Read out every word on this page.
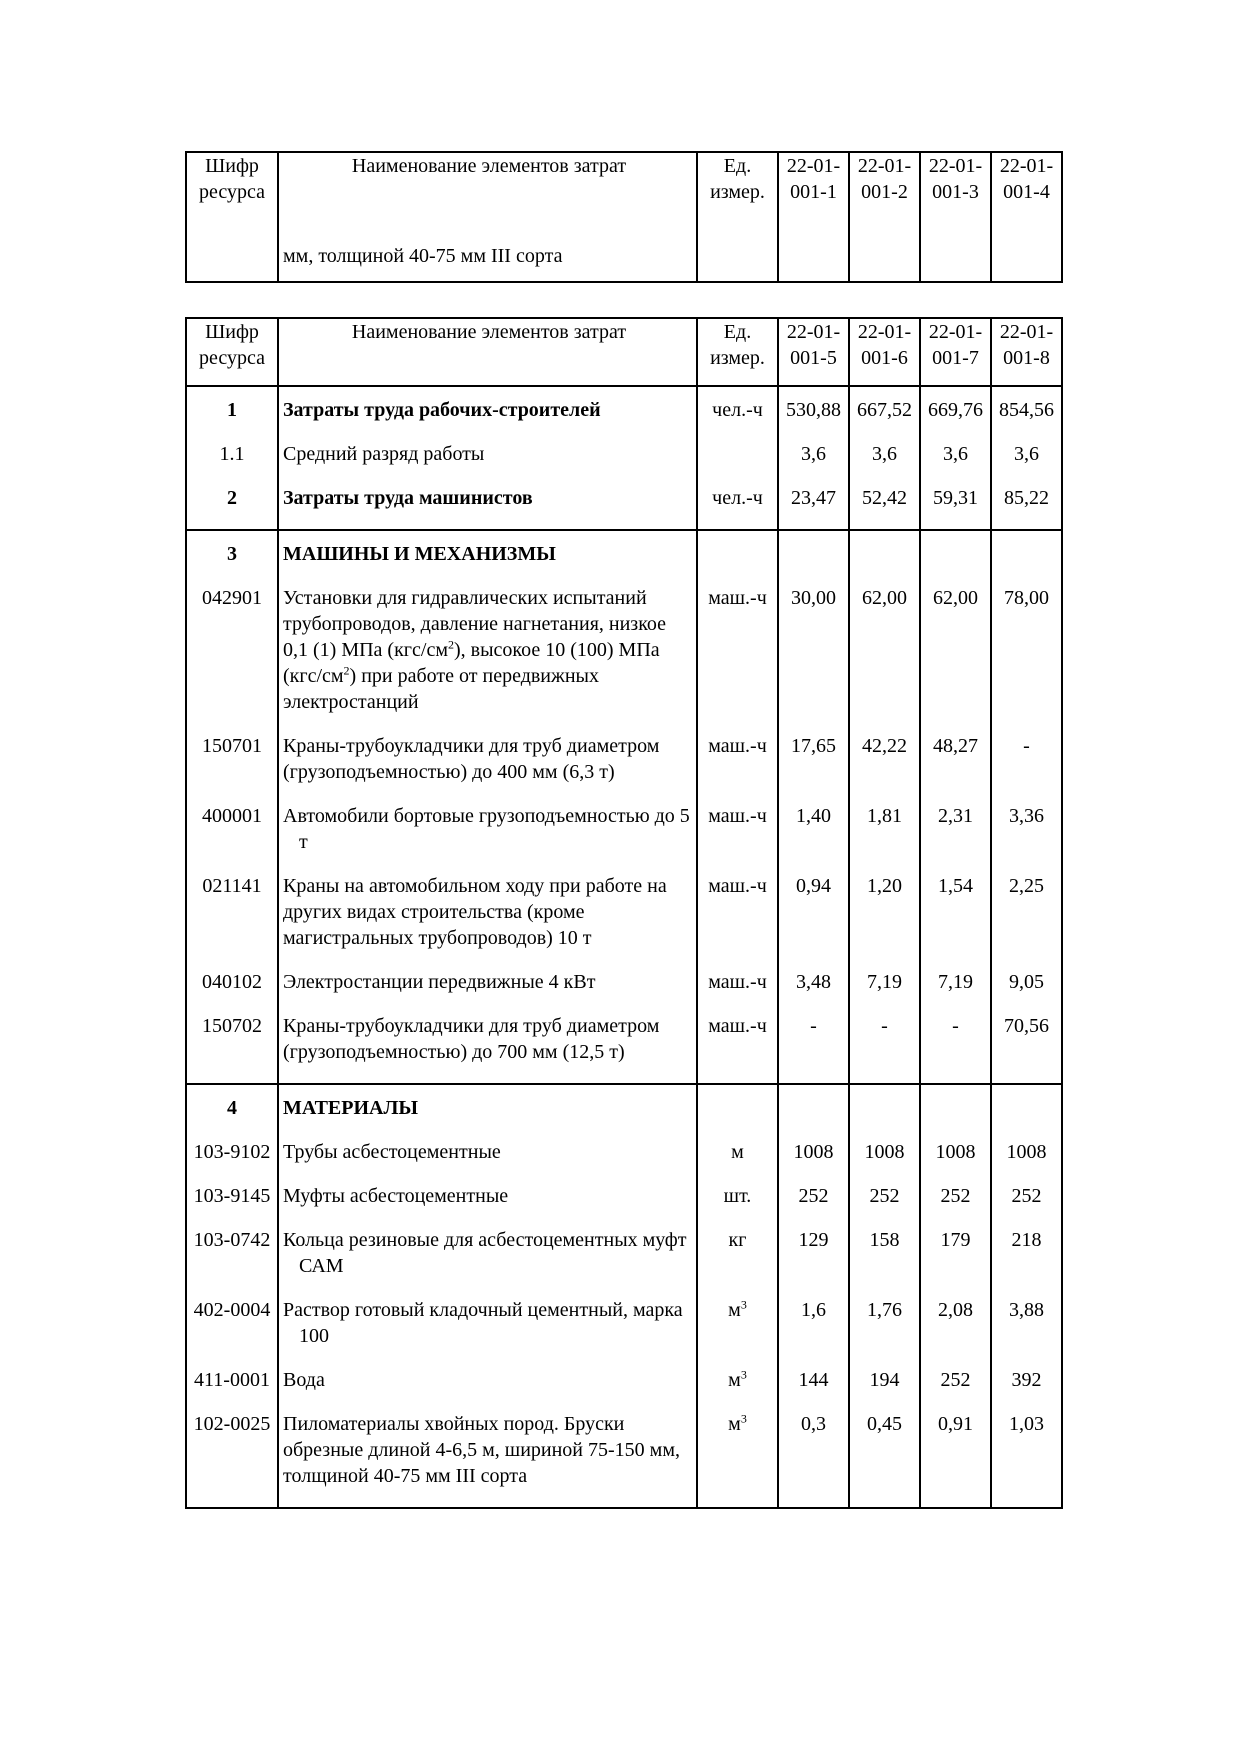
Шифр ресурса	Наименование элементов затрат	Ед. измер.	22-01-001-1	22-01-001-2	22-01-001-3	22-01-001-4
	мм, толщиной 40-75 мм III сорта					
Шифр ресурса	Наименование элементов затрат	Ед. измер.	22-01-001-5	22-01-001-6	22-01-001-7	22-01-001-8
1	Затраты труда рабочих-строителей	чел.-ч	530,88	667,52	669,76	854,56
1.1	Средний разряд работы		3,6	3,6	3,6	3,6
2	Затраты труда машинистов	чел.-ч	23,47	52,42	59,31	85,22
3	МАШИНЫ И МЕХАНИЗМЫ					
042901	Установки для гидравлических испытаний трубопроводов, давление нагнетания, низкое 0,1 (1) МПа $(кгс/см^2)$, высокое 10 (100) МПа $(кгс/см^2)$ при работе от передвижных электростанций	маш.-ч	30,00	62,00	62,00	78,00
150701	Краны-трубоукладчики для труб диаметром (грузоподъемностью) до 400 мм (6,3 т)	маш.-ч	17,65	42,22	48,27	-
400001	Автомобили бортовые грузоподъемностью до 5 т	маш.-ч	1,40	1,81	2,31	3,36
021141	Краны на автомобильном ходу при работе на других видах строительства (кроме магистральных трубопроводов) 10 т	маш.-ч	0,94	1,20	1,54	2,25
040102	Электростанции передвижные 4 кВт	маш.-ч	3,48	7,19	7,19	9,05
150702	Краны-трубоукладчики для труб диаметром (грузоподъемностью) до 700 мм (12,5 т)	маш.-ч	-	-	-	70,56
4	МАТЕРИАЛЫ					
103-9102	Трубы асбестоцементные	м	1008	1008	1008	1008
103-9145	Муфты асбестоцементные	шт.	252	252	252	252
103-0742	Кольца резиновые для асбестоцементных муфт САМ	кг	129	158	179	218
402-0004	Раствор готовый кладочный цементный, марка 100	$м^3$	1,6	1,76	2,08	3,88
411-0001	Вода	$м^3$	144	194	252	392
102-0025	Пиломатериалы хвойных пород. Бруски обрезные длиной 4-6,5 м, шириной 75-150 мм, толщиной 40-75 мм III сорта	$м^3$	0,3	0,45	0,91	1,03
